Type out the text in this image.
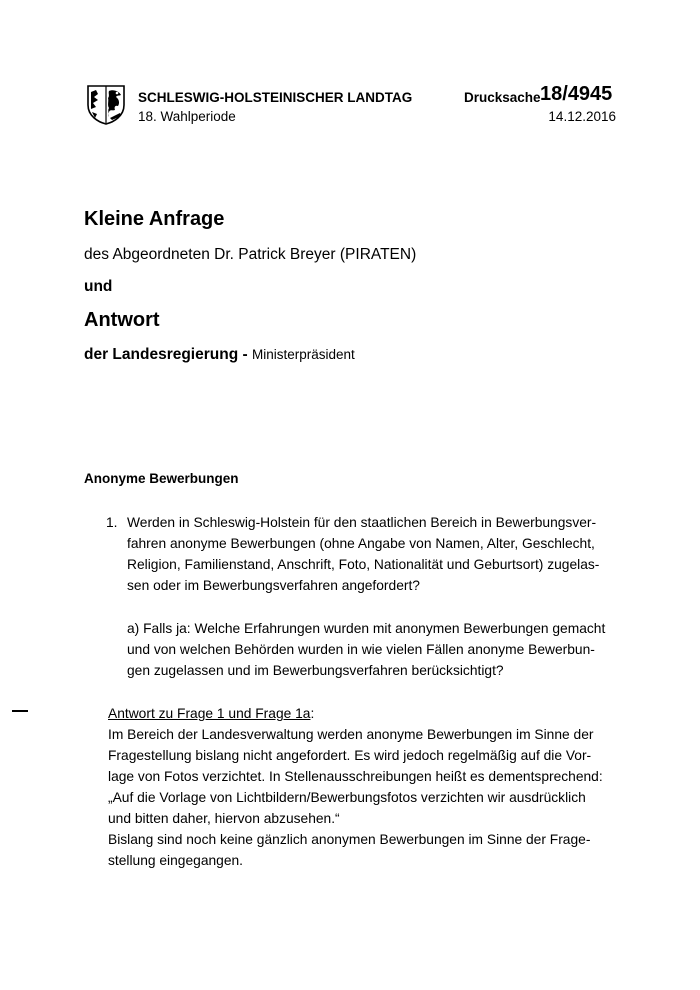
SCHLESWIG-HOLSTEINISCHER LANDTAG
18. Wahlperiode
Drucksache 18/4945
14.12.2016
Kleine Anfrage
des Abgeordneten Dr. Patrick Breyer (PIRATEN)
und
Antwort
der Landesregierung - Ministerpräsident
Anonyme Bewerbungen
1. Werden in Schleswig-Holstein für den staatlichen Bereich in Bewerbungsver-
fahren anonyme Bewerbungen (ohne Angabe von Namen, Alter, Geschlecht,
Religion, Familienstand, Anschrift, Foto, Nationalität und Geburtsort) zugelas-
sen oder im Bewerbungsverfahren angefordert?
a) Falls ja: Welche Erfahrungen wurden mit anonymen Bewerbungen gemacht
und von welchen Behörden wurden in wie vielen Fällen anonyme Bewerbun-
gen zugelassen und im Bewerbungsverfahren berücksichtigt?
Antwort zu Frage 1 und Frage 1a:
Im Bereich der Landesverwaltung werden anonyme Bewerbungen im Sinne der
Fragestellung bislang nicht angefordert. Es wird jedoch regelmäßig auf die Vor-
lage von Fotos verzichtet. In Stellenausschreibungen heißt es dementsprechend:
„Auf die Vorlage von Lichtbildern/Bewerbungsfotos verzichten wir ausdrücklich
und bitten daher, hiervon abzusehen.“
Bislang sind noch keine gänzlich anonymen Bewerbungen im Sinne der Frage-
stellung eingegangen.
